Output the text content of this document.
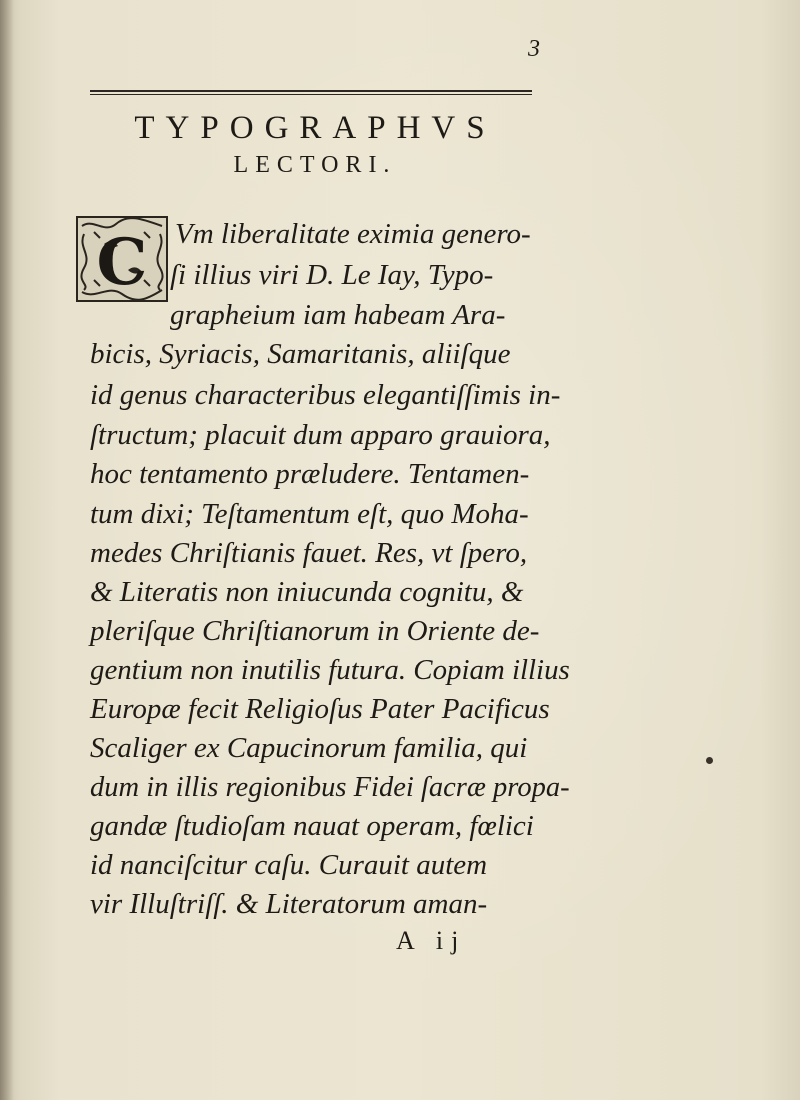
3
TYPOGRAPHVS
LECTORI.
C Vm liberalitate eximia genero-
ſi illius viri D. Le Iay, Typo-
grapheium iam habeam Ara-
bicis, Syriacis, Samaritanis, aliiſque
id genus characteribus elegantiſſimis in-
ſtructum; placuit dum apparo grauiora,
hoc tentamento præludere. Tentamen-
tum dixi; Teſtamentum eſt, quo Moha-
medes Chriſtianis fauet. Res, vt ſpero,
& Literatis non iniucunda cognitu, &
pleriſque Chriſtianorum in Oriente de-
gentium non inutilis futura. Copiam illius
Europæ fecit Religioſus Pater Pacificus
Scaliger ex Capucinorum familia, qui
dum in illis regionibus Fidei ſacræ propa-
gandæ ſtudioſam nauat operam, fœlici
id nanciſcitur caſu. Curauit autem
vir Illuſtriſſ. & Literatorum aman-
A ij
